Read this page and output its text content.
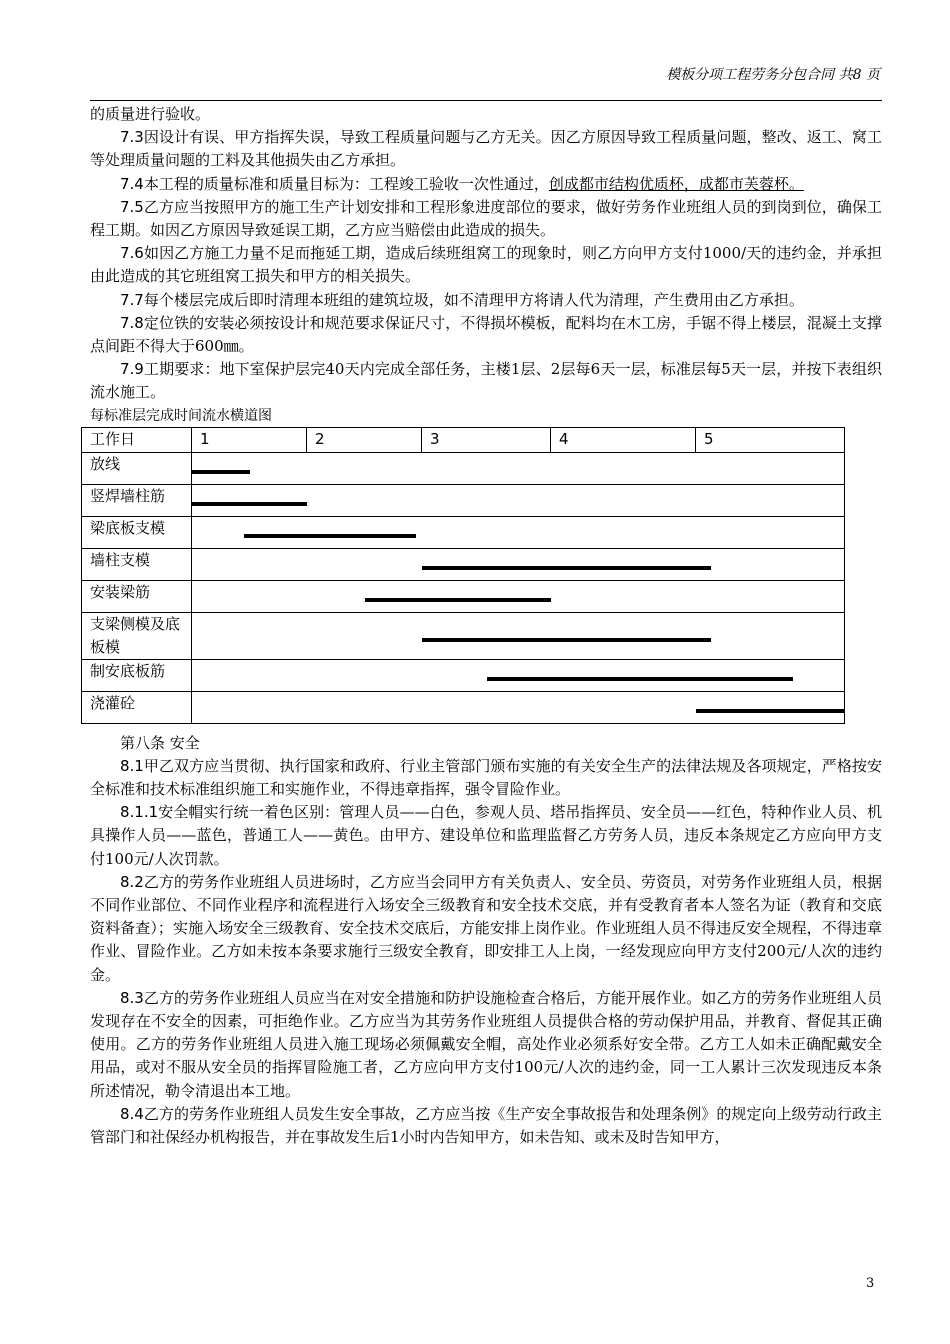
模板分项工程劳务分包合同 共8 页

的质量进行验收。

7.3因设计有误、甲方指挥失误，导致工程质量问题与乙方无关。因乙方原因导致工程质量问题，整改、返工、窝工等处理质量问题的工料及其他损失由乙方承担。

7.4本工程的质量标准和质量目标为：工程竣工验收一次性通过，创成都市结构优质杯，成都市芙蓉杯。

7.5乙方应当按照甲方的施工生产计划安排和工程形象进度部位的要求，做好劳务作业班组人员的到岗到位，确保工程工期。如因乙方原因导致延误工期，乙方应当赔偿由此造成的损失。

7.6如因乙方施工力量不足而拖延工期，造成后续班组窝工的现象时，则乙方向甲方支付1000/天的违约金，并承担由此造成的其它班组窝工损失和甲方的相关损失。

7.7每个楼层完成后即时清理本班组的建筑垃圾，如不清理甲方将请人代为清理，产生费用由乙方承担。

7.8定位铁的安装必须按设计和规范要求保证尺寸，不得损坏模板，配料均在木工房，手锯不得上楼层，混凝土支撑点间距不得大于600㎜。

7.9工期要求：地下室保护层完40天内完成全部任务，主楼1层、2层每6天一层，标准层每5天一层，并按下表组织流水施工。

每标准层完成时间流水横道图

工作日	1	2	3	4	5
放线					

竖焊墙柱筋					

梁底板支模					

墙柱支模					

安装梁筋					

支梁侧模及底板模					

制安底板筋					

浇灌砼					

第八条 安全

8.1甲乙双方应当贯彻、执行国家和政府、行业主管部门颁布实施的有关安全生产的法律法规及各项规定，严格按安全标准和技术标准组织施工和实施作业，不得违章指挥，强令冒险作业。

8.1.1安全帽实行统一着色区别：管理人员——白色，参观人员、塔吊指挥员、安全员——红色，特种作业人员、机具操作人员——蓝色，普通工人——黄色。由甲方、建设单位和监理监督乙方劳务人员，违反本条规定乙方应向甲方支付100元/人次罚款。

8.2乙方的劳务作业班组人员进场时，乙方应当会同甲方有关负责人、安全员、劳资员，对劳务作业班组人员，根据不同作业部位、不同作业程序和流程进行入场安全三级教育和安全技术交底，并有受教育者本人签名为证（教育和交底资料备查）；实施入场安全三级教育、安全技术交底后，方能安排上岗作业。作业班组人员不得违反安全规程，不得违章作业、冒险作业。乙方如未按本条要求施行三级安全教育，即安排工人上岗，一经发现应向甲方支付200元/人次的违约金。

8.3乙方的劳务作业班组人员应当在对安全措施和防护设施检查合格后，方能开展作业。如乙方的劳务作业班组人员发现存在不安全的因素，可拒绝作业。乙方应当为其劳务作业班组人员提供合格的劳动保护用品，并教育、督促其正确使用。乙方的劳务作业班组人员进入施工现场必须佩戴安全帽，高处作业必须系好安全带。乙方工人如未正确配戴安全用品，或对不服从安全员的指挥冒险施工者，乙方应向甲方支付100元/人次的违约金，同一工人累计三次发现违反本条所述情况，勒令清退出本工地。

8.4乙方的劳务作业班组人员发生安全事故，乙方应当按《生产安全事故报告和处理条例》的规定向上级劳动行政主管部门和社保经办机构报告，并在事故发生后1小时内告知甲方，如未告知、或未及时告知甲方，

3
